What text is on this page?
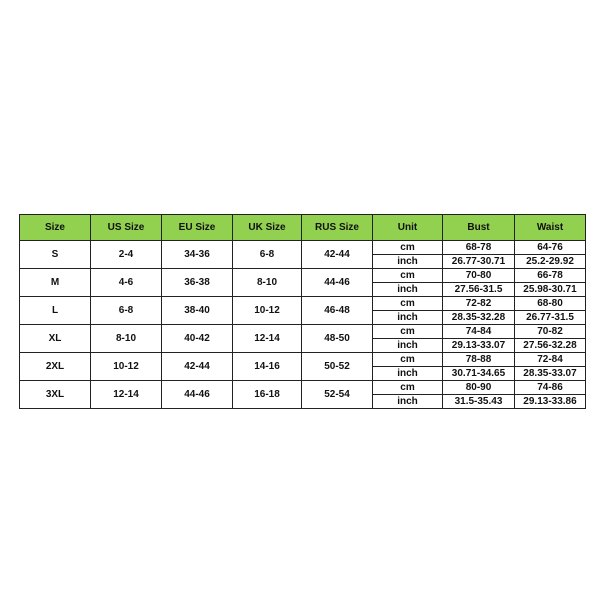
Size	US Size	EU Size	UK Size	RUS Size	Unit	Bust	Waist
S	2-4	34-36	6-8	42-44	cm	68-78	64-76
					inch	26.77-30.71	25.2-29.92
M	4-6	36-38	8-10	44-46	cm	70-80	66-78
					inch	27.56-31.5	25.98-30.71
L	6-8	38-40	10-12	46-48	cm	72-82	68-80
					inch	28.35-32.28	26.77-31.5
XL	8-10	40-42	12-14	48-50	cm	74-84	70-82
					inch	29.13-33.07	27.56-32.28
2XL	10-12	42-44	14-16	50-52	cm	78-88	72-84
					inch	30.71-34.65	28.35-33.07
3XL	12-14	44-46	16-18	52-54	cm	80-90	74-86
					inch	31.5-35.43	29.13-33.86
